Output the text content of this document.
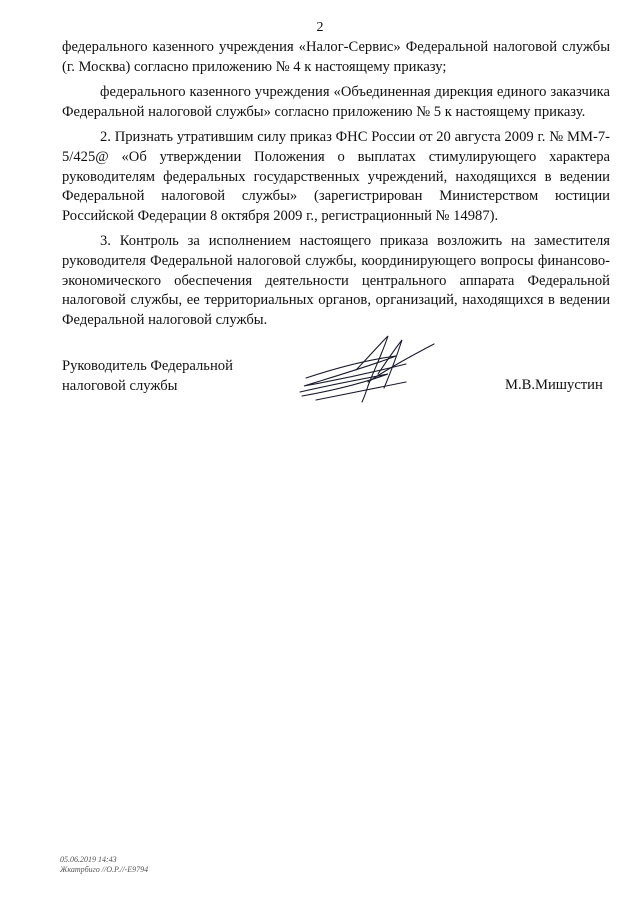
2

федерального казенного учреждения «Налог-Сервис» Федеральной налоговой службы (г. Москва) согласно приложению № 4 к настоящему приказу;

федерального казенного учреждения «Объединенная дирекция единого заказчика Федеральной налоговой службы» согласно приложению № 5 к настоящему приказу.

2. Признать утратившим силу приказ ФНС России от 20 августа 2009 г. № ММ-7-5/425@ «Об утверждении Положения о выплатах стимулирующего характера руководителям федеральных государственных учреждений, находящихся в ведении Федеральной налоговой службы» (зарегистрирован Министерством юстиции Российской Федерации 8 октября 2009 г., регистрационный № 14987).

3. Контроль за исполнением настоящего приказа возложить на заместителя руководителя Федеральной налоговой службы, координирующего вопросы финансово-экономического обеспечения деятельности центрального аппарата Федеральной налоговой службы, ее территориальных органов, организаций, находящихся в ведении Федеральной налоговой службы.

Руководитель Федеральной
налоговой службы	М.В.Мишустин
05.06.2019 14:43
Жкатрбиго //О.Р.//-Е9794
